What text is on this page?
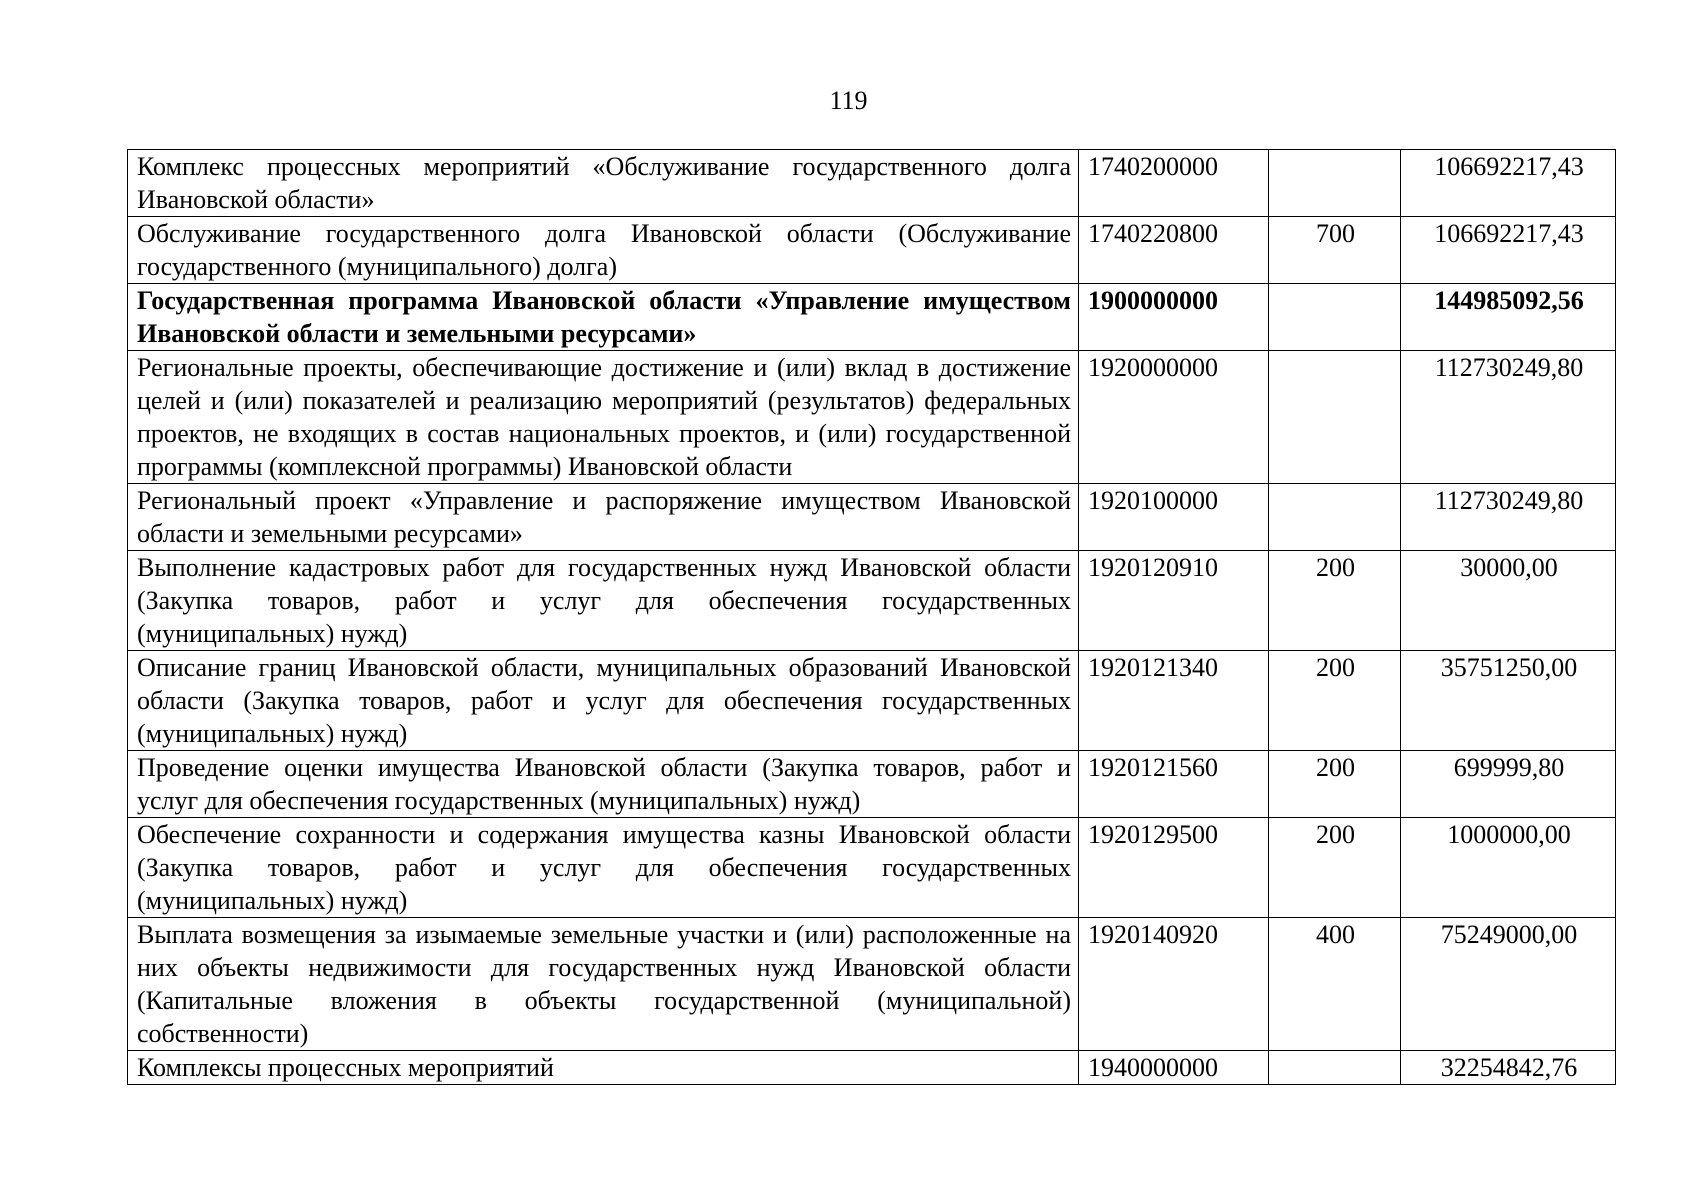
119
Комплекс процессных мероприятий «Обслуживание государственного долга Ивановской области»	1740200000		106692217,43
Обслуживание государственного долга Ивановской области (Обслуживание государственного (муниципального) долга)	1740220800	700	106692217,43
Государственная программа Ивановской области «Управление имуществом Ивановской области и земельными ресурсами»	1900000000		144985092,56
Региональные проекты, обеспечивающие достижение и (или) вклад в достижение целей и (или) показателей и реализацию мероприятий (результатов) федеральных проектов, не входящих в состав национальных проектов, и (или) государственной программы (комплексной программы) Ивановской области	1920000000		112730249,80
Региональный проект «Управление и распоряжение имуществом Ивановской области и земельными ресурсами»	1920100000		112730249,80
Выполнение кадастровых работ для государственных нужд Ивановской области (Закупка товаров, работ и услуг для обеспечения государственных (муниципальных) нужд)	1920120910	200	30000,00
Описание границ Ивановской области, муниципальных образований Ивановской области (Закупка товаров, работ и услуг для обеспечения государственных (муниципальных) нужд)	1920121340	200	35751250,00
Проведение оценки имущества Ивановской области (Закупка товаров, работ и услуг для обеспечения государственных (муниципальных) нужд)	1920121560	200	699999,80
Обеспечение сохранности и содержания имущества казны Ивановской области (Закупка товаров, работ и услуг для обеспечения государственных (муниципальных) нужд)	1920129500	200	1000000,00
Выплата возмещения за изымаемые земельные участки и (или) расположенные на них объекты недвижимости для государственных нужд Ивановской области (Капитальные вложения в объекты государственной (муниципальной) собственности)	1920140920	400	75249000,00
Комплексы процессных мероприятий	1940000000		32254842,76
